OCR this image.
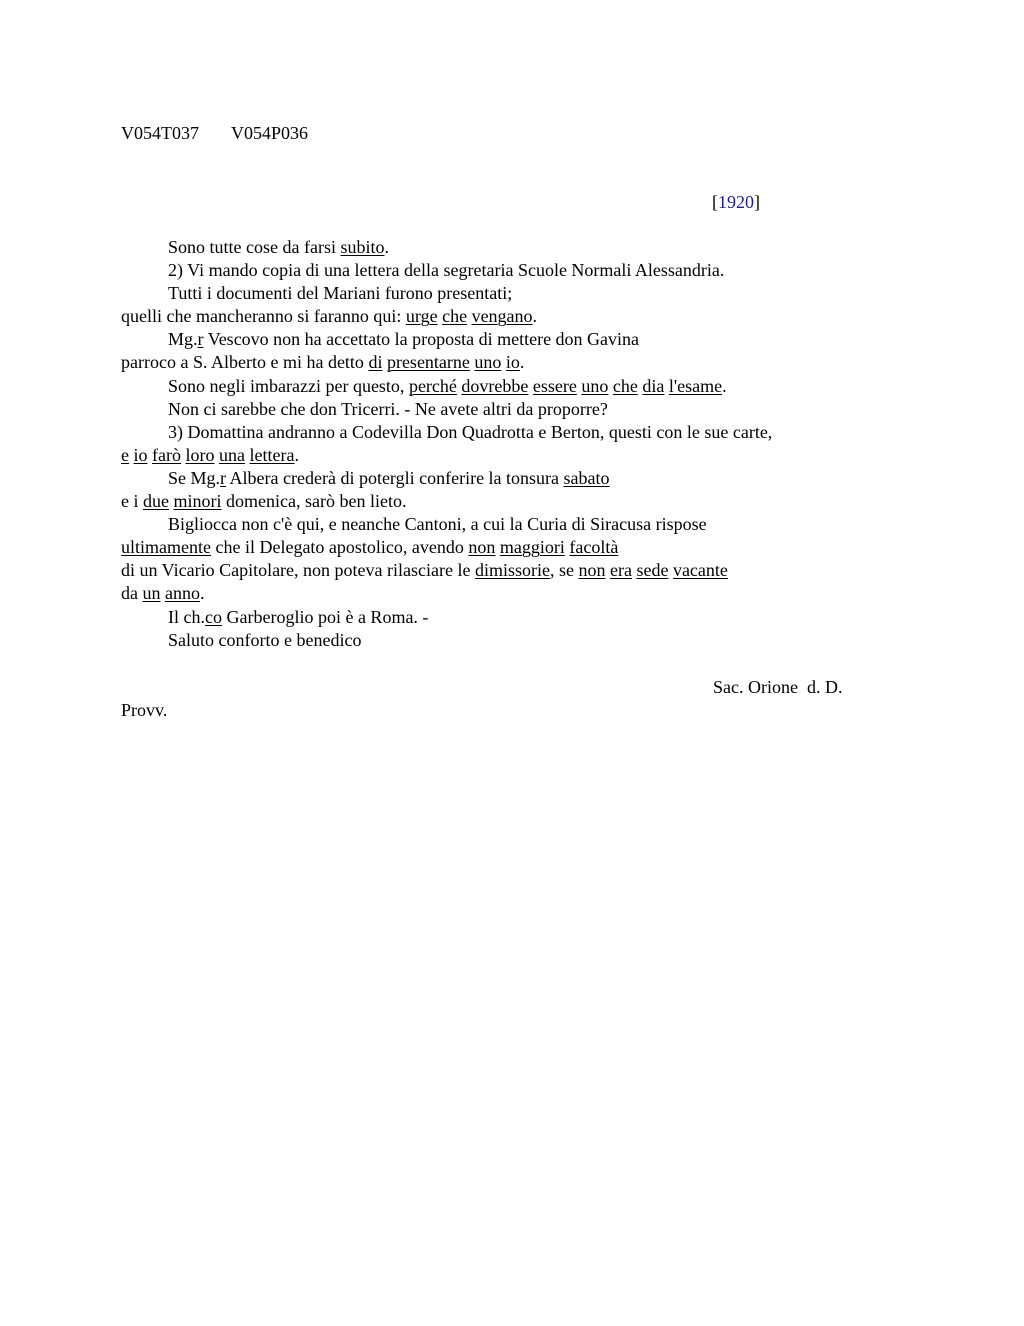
V054T037 V054P036
[1920]
Sono tutte cose da farsi subito.
2) Vi mando copia di una lettera della segretaria Scuole Normali Alessandria.
Tutti i documenti del Mariani furono presentati;
quelli che mancheranno si faranno qui: urge che vengano.
Mg.r Vescovo non ha accettato la proposta di mettere don Gavina
parroco a S. Alberto e mi ha detto di presentarne uno io.
Sono negli imbarazzi per questo, perché dovrebbe essere uno che dia l'esame.
Non ci sarebbe che don Tricerri. - Ne avete altri da proporre?
3) Domattina andranno a Codevilla Don Quadrotta e Berton, questi con le sue carte,
e io farò loro una lettera.
Se Mg.r Albera crederà di potergli conferire la tonsura sabato
e i due minori domenica, sarò ben lieto.
Bigliocca non c'è qui, e neanche Cantoni, a cui la Curia di Siracusa rispose
ultimamente che il Delegato apostolico, avendo non maggiori facoltà
di un Vicario Capitolare, non poteva rilasciare le dimissorie, se non era sede vacante
da un anno.
Il ch.co Garberoglio poi è a Roma. -
Saluto conforto e benedico
Sac. Orione  d. D.
Provv.
